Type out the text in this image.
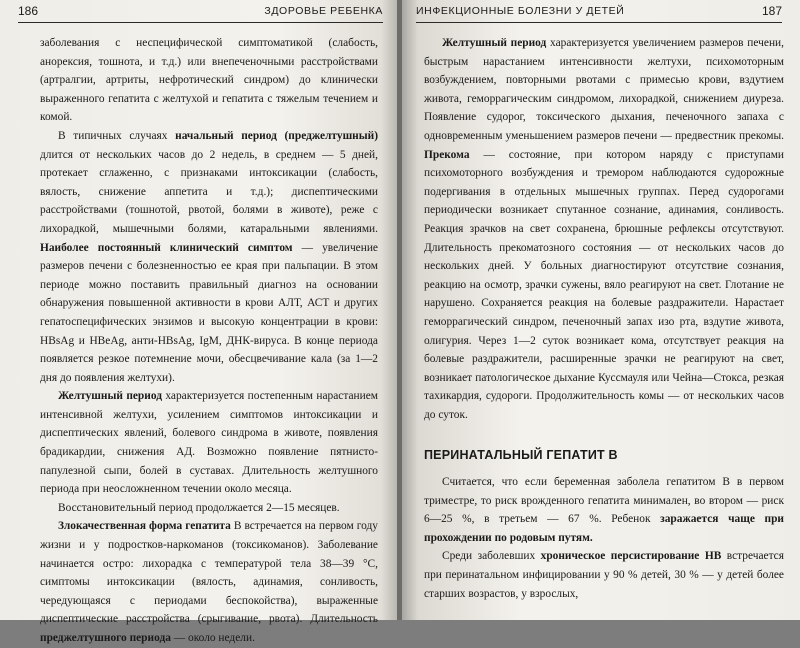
186	ЗДОРОВЬЕ РЕБЕНКА

заболевания с неспецифической симптоматикой (слабость, анорексия, тошнота, и т.д.) или внепеченочными расстройствами (артралгии, артриты, нефротический синдром) до клинически выраженного гепатита с желтухой и гепатита с тяжелым течением и комой.

В типичных случаях начальный период (преджелтушный) длится от нескольких часов до 2 недель, в среднем — 5 дней, протекает сглаженно, с признаками интоксикации (слабость, вялость, снижение аппетита и т.д.); диспептическими расстройствами (тошнотой, рвотой, болями в животе), реже с лихорадкой, мышечными болями, катаральными явлениями. Наиболее постоянный клинический симптом — увеличение размеров печени с болезненностью ее края при пальпации. В этом периоде можно поставить правильный диагноз на основании обнаружения повышенной активности в крови АЛТ, АСТ и других гепатоспецифических энзимов и высокую концентрации в крови: HBsAg и HBeAg, анти-HBsAg, IgM, ДНК-вируса. В конце периода появляется резкое потемнение мочи, обесцвечивание кала (за 1—2 дня до появления желтухи).

Желтушный период характеризуется постепенным нарастанием интенсивной желтухи, усилением симптомов интоксикации и диспептических явлений, болевого синдрома в животе, появления брадикардии, снижения АД. Возможно появление пятнисто-папулезной сыпи, болей в суставах. Длительность желтушного периода при неосложненном течении около месяца.

Восстановительный период продолжается 2—15 месяцев.

Злокачественная форма гепатита В встречается на первом году жизни и у подростков-наркоманов (токсикоманов). Заболевание начинается остро: лихорадка с температурой тела 38—39 °С, симптомы интоксикации (вялость, адинамия, сонливость, чередующаяся с периодами беспокойства), выраженные диспептические расстройства (срыгивание, рвота). Длительность преджелтушного периода — около недели.

ИНФЕКЦИОННЫЕ БОЛЕЗНИ У ДЕТЕЙ	187

Желтушный период характеризуется увеличением размеров печени, быстрым нарастанием интенсивности желтухи, психомоторным возбуждением, повторными рвотами с примесью крови, вздутием живота, геморрагическим синдромом, лихорадкой, снижением диуреза. Появление судорог, токсического дыхания, печеночного запаха с одновременным уменьшением размеров печени — предвестник прекомы. Прекома — состояние, при котором наряду с приступами психомоторного возбуждения и тремором наблюдаются судорожные подергивания в отдельных мышечных группах. Перед судорогами периодически возникает спутанное сознание, адинамия, сонливость. Реакция зрачков на свет сохранена, брюшные рефлексы отсутствуют. Длительность прекоматозного состояния — от нескольких часов до нескольких дней. У больных диагностируют отсутствие сознания, реакцию на осмотр, зрачки сужены, вяло реагируют на свет. Глотание не нарушено. Сохраняется реакция на болевые раздражители. Нарастает геморрагический синдром, печеночный запах изо рта, вздутие живота, олигурия. Через 1—2 суток возникает кома, отсутствует реакция на болевые раздражители, расширенные зрачки не реагируют на свет, возникает патологическое дыхание Куссмауля или Чейна—Стокса, резкая тахикардия, судороги. Продолжительность комы — от нескольких часов до суток.

ПЕРИНАТАЛЬНЫЙ ГЕПАТИТ В

Считается, что если беременная заболела гепатитом В в первом триместре, то риск врожденного гепатита минимален, во втором — риск 6—25 %, в третьем — 67 %. Ребенок заражается чаще при прохождении по родовым путям.

Среди заболевших хроническое персистирование НВ встречается при перинатальном инфицировании у 90 % детей, 30 % — у детей более старших возрастов, у взрослых,
